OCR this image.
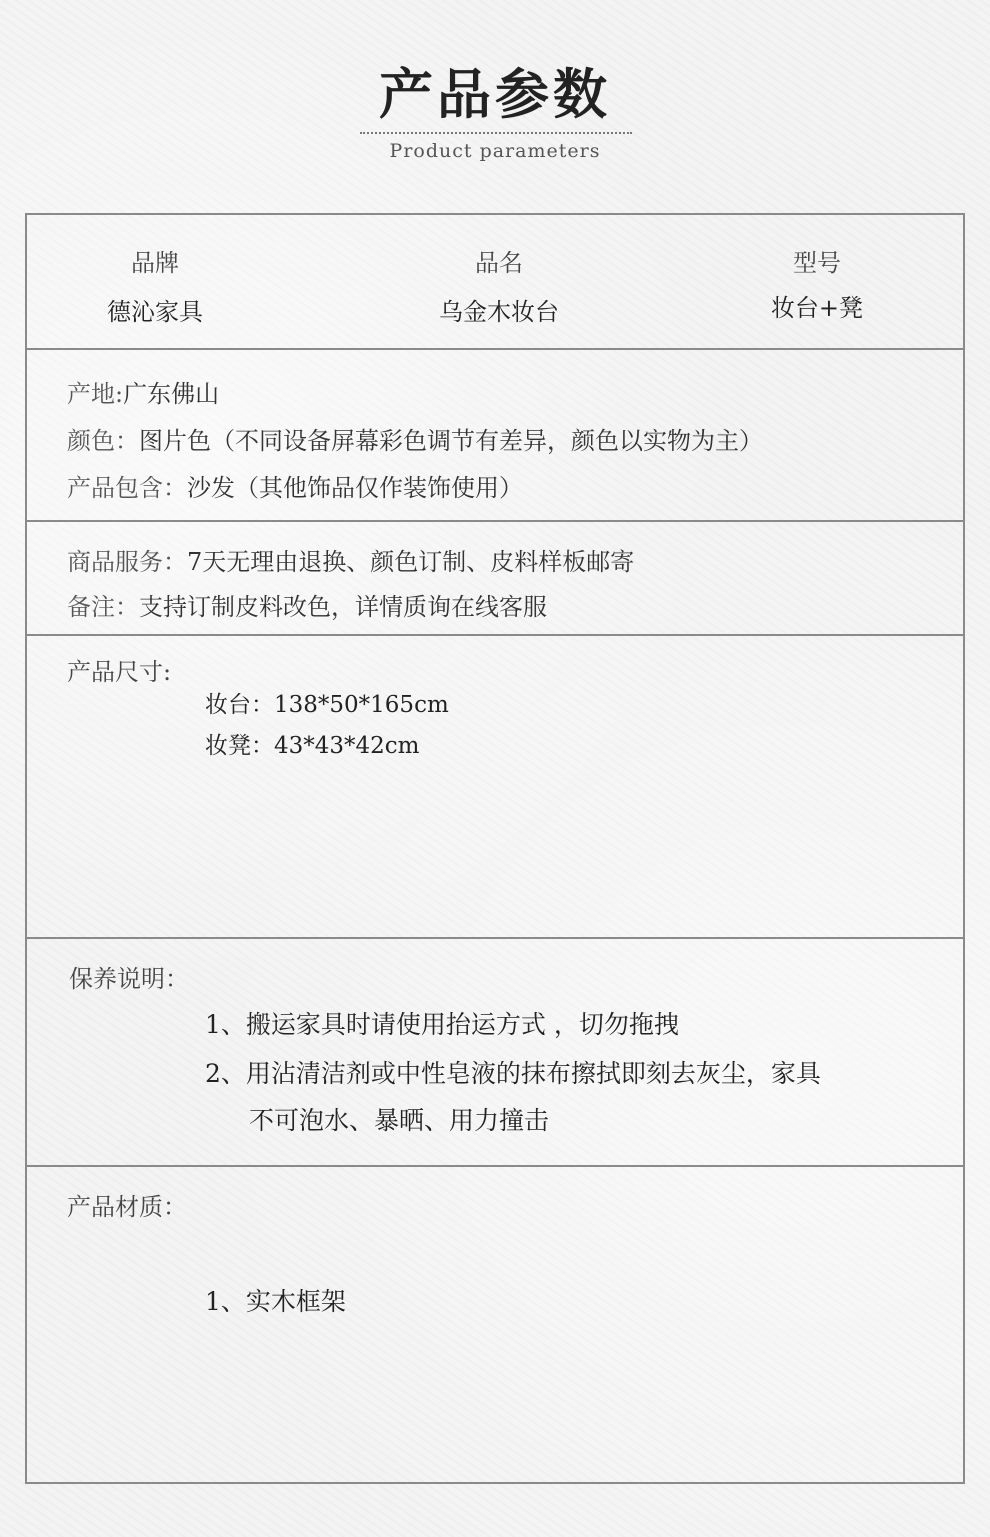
产品参数
Product parameters
品牌
德沁家具
品名
乌金木妆台
型号
妆台+凳
产地:广东佛山
颜色：图片色（不同设备屏幕彩色调节有差异，颜色以实物为主）
产品包含：沙发（其他饰品仅作装饰使用）
商品服务：7天无理由退换、颜色订制、皮料样板邮寄
备注：支持订制皮料改色，详情质询在线客服
产品尺寸:
妆台：138*50*165cm
妆凳：43*43*42cm
保养说明：
1、搬运家具时请使用抬运方式 ，切勿拖拽
2、用沾清洁剂或中性皂液的抹布擦拭即刻去灰尘，家具
不可泡水、暴晒、用力撞击
产品材质：
1、实木框架
